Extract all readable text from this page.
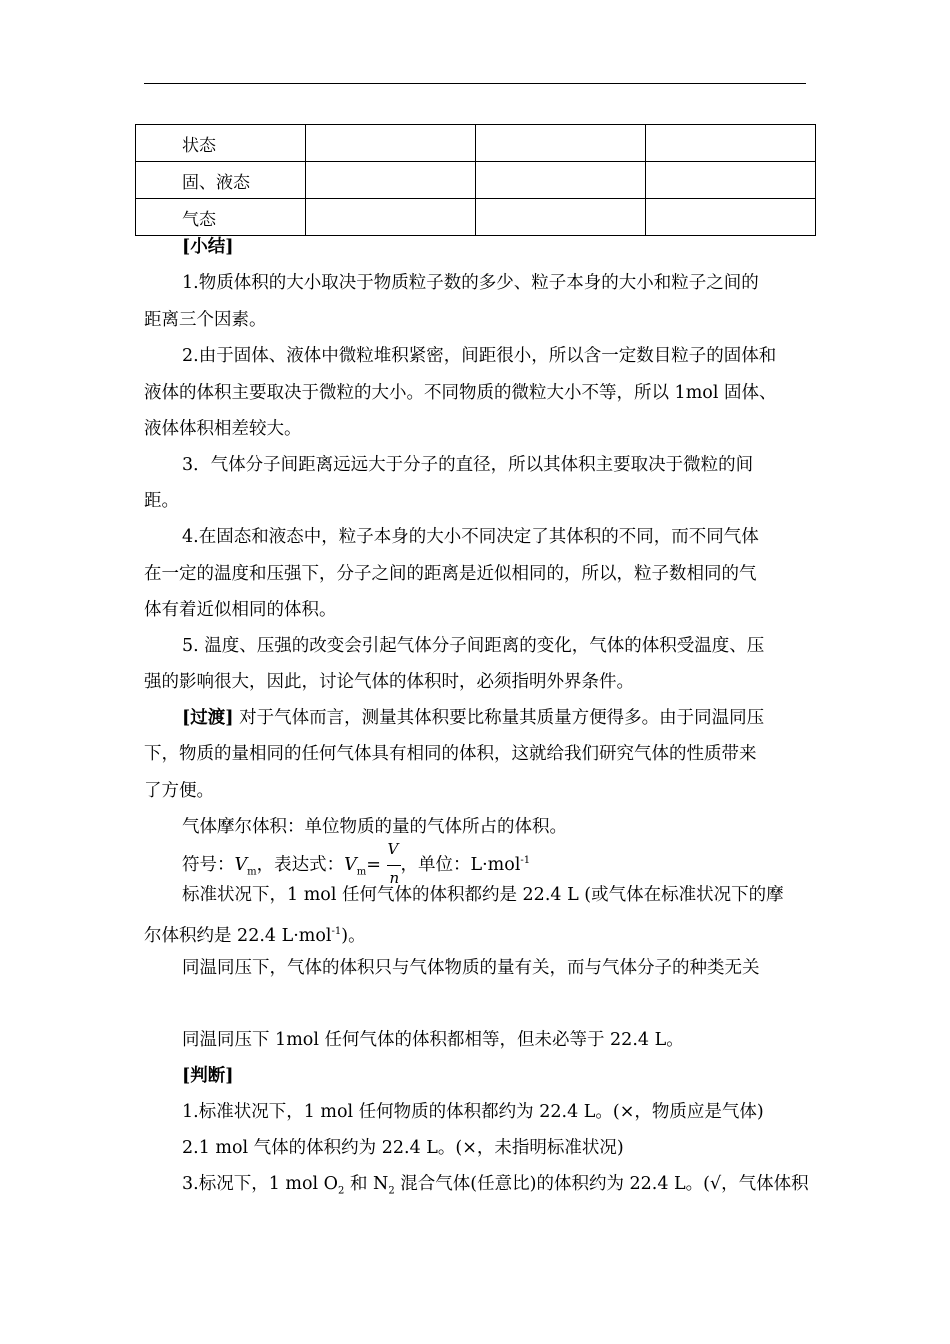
状态			
固、液态			
气态			
[小结]
1.物质体积的大小取决于物质粒子数的多少、粒子本身的大小和粒子之间的
距离三个因素。
2.由于固体、液体中微粒堆积紧密，间距很小，所以含一定数目粒子的固体和
液体的体积主要取决于微粒的大小。不同物质的微粒大小不等，所以 1mol 固体、
液体体积相差较大。
3．气体分子间距离远远大于分子的直径，所以其体积主要取决于微粒的间
距。
4.在固态和液态中，粒子本身的大小不同决定了其体积的不同，而不同气体
在一定的温度和压强下，分子之间的距离是近似相同的，所以，粒子数相同的气
体有着近似相同的体积。
5. 温度、压强的改变会引起气体分子间距离的变化，气体的体积受温度、压
强的影响很大，因此，讨论气体的体积时，必须指明外界条件。
[过渡] 对于气体而言，测量其体积要比称量其质量方便得多。由于同温同压
下，物质的量相同的任何气体具有相同的体积，这就给我们研究气体的性质带来
了方便。
气体摩尔体积：单位物质的量的气体所占的体积。
符号：$V_m$，表达式：$V_m= \frac{V}{n}$ ，单位：L·mol$^{-1}$
标准状况下，1 mol 任何气体的体积都约是 22.4 L (或气体在标准状况下的摩
尔体积约是 22.4 L·mol$^{-1}$)。
同温同压下，气体的体积只与气体物质的量有关，而与气体分子的种类无关
同温同压下 1mol 任何气体的体积都相等，但未必等于 22.4 L。
[判断]
1.标准状况下，1 mol 任何物质的体积都约为 22.4 L。(×，物质应是气体)
2.1 mol 气体的体积约为 22.4 L。(×，未指明标准状况)
3.标况下，1 mol $O_2$ 和 $N_2$ 混合气体(任意比)的体积约为 22.4 L。(√，气体体积
